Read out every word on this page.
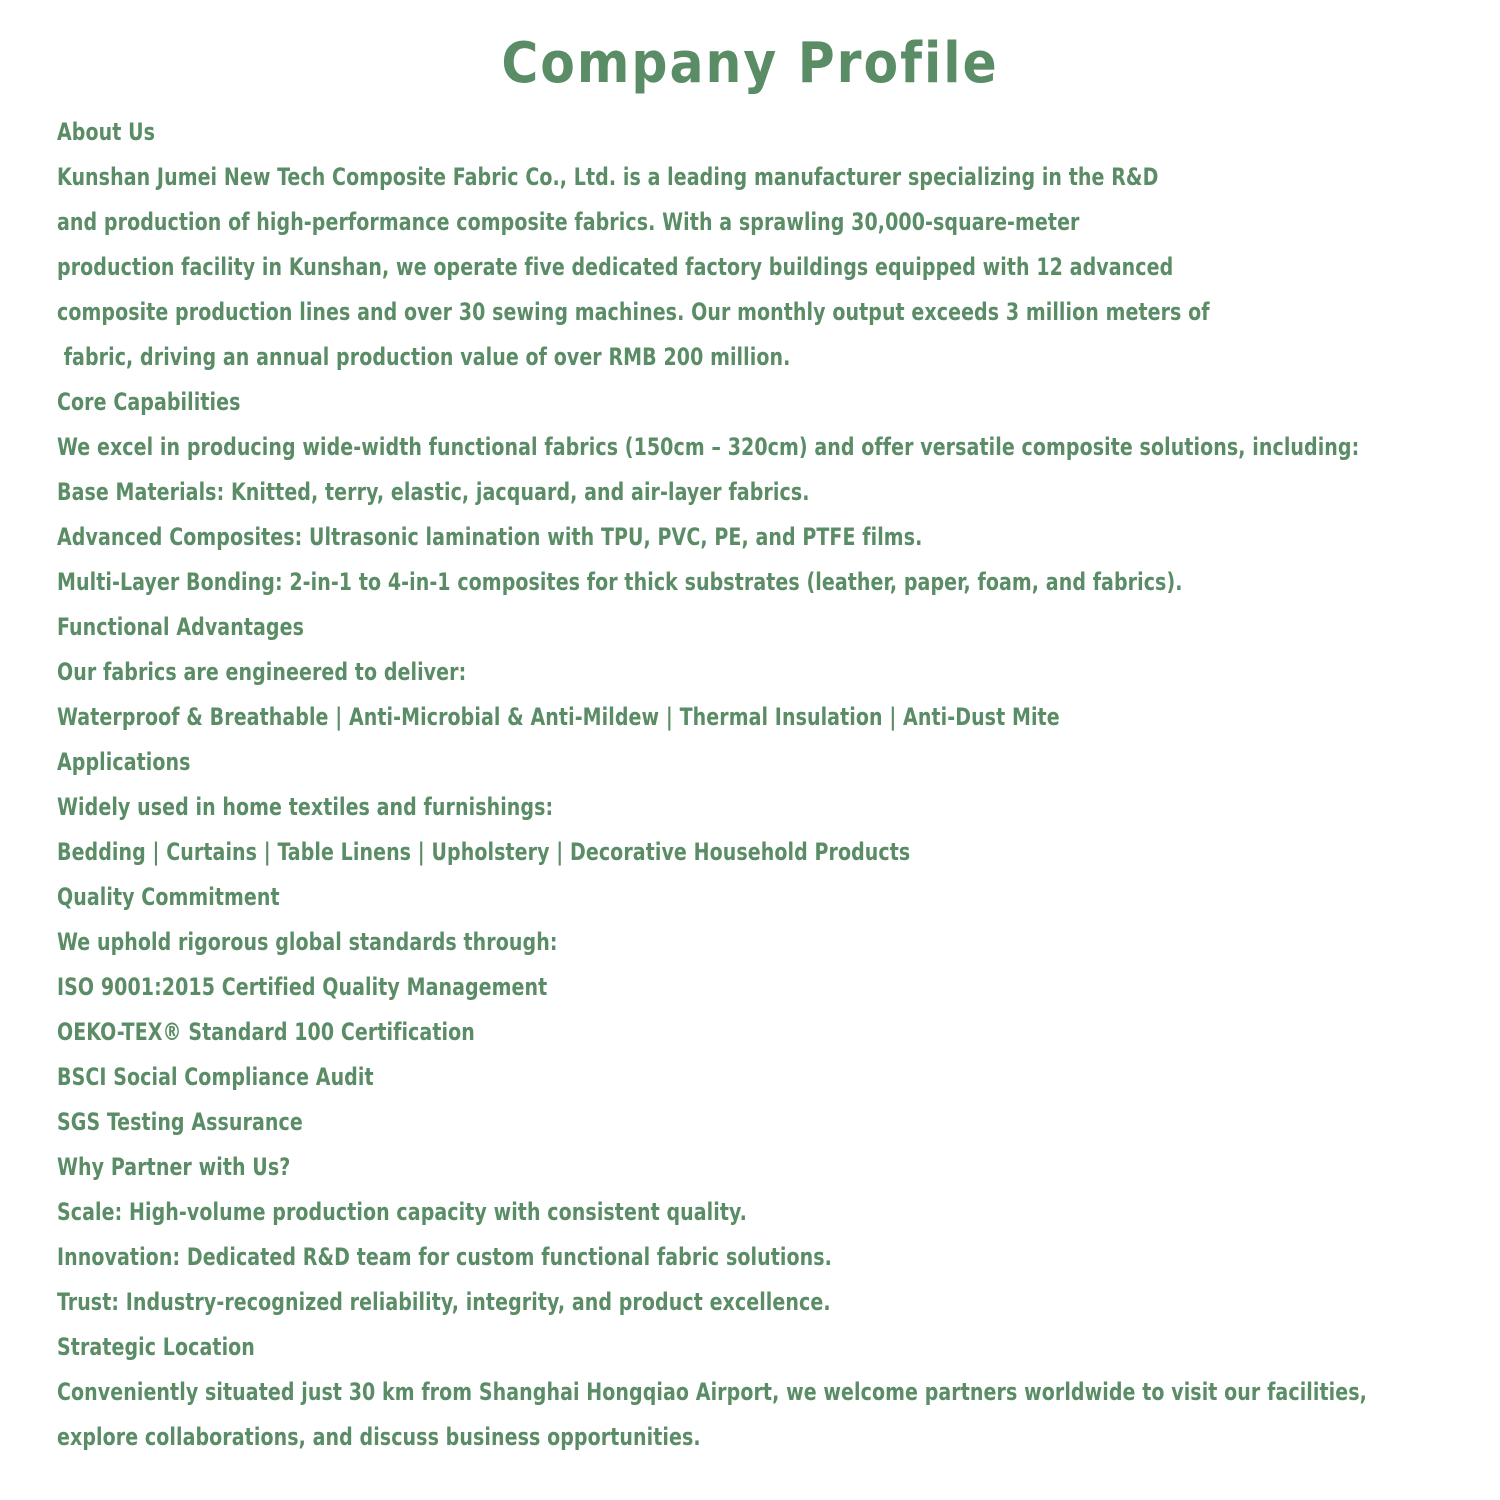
Company Profile
About Us
Kunshan Jumei New Tech Composite Fabric Co., Ltd. is a leading manufacturer specializing in the R&D
and production of high-performance composite fabrics. With a sprawling 30,000-square-meter
production facility in Kunshan, we operate five dedicated factory buildings equipped with 12 advanced
composite production lines and over 30 sewing machines. Our monthly output exceeds 3 million meters of
fabric, driving an annual production value of over RMB 200 million.
Core Capabilities
We excel in producing wide-width functional fabrics (150cm – 320cm) and offer versatile composite solutions, including:
Base Materials: Knitted, terry, elastic, jacquard, and air-layer fabrics.
Advanced Composites: Ultrasonic lamination with TPU, PVC, PE, and PTFE films.
Multi-Layer Bonding: 2-in-1 to 4-in-1 composites for thick substrates (leather, paper, foam, and fabrics).
Functional Advantages
Our fabrics are engineered to deliver:
Waterproof & Breathable | Anti-Microbial & Anti-Mildew | Thermal Insulation | Anti-Dust Mite
Applications
Widely used in home textiles and furnishings:
Bedding | Curtains | Table Linens | Upholstery | Decorative Household Products
Quality Commitment
We uphold rigorous global standards through:
ISO 9001:2015 Certified Quality Management
OEKO-TEX® Standard 100 Certification
BSCI Social Compliance Audit
SGS Testing Assurance
Why Partner with Us?
Scale: High-volume production capacity with consistent quality.
Innovation: Dedicated R&D team for custom functional fabric solutions.
Trust: Industry-recognized reliability, integrity, and product excellence.
Strategic Location
Conveniently situated just 30 km from Shanghai Hongqiao Airport, we welcome partners worldwide to visit our facilities,
explore collaborations, and discuss business opportunities.
